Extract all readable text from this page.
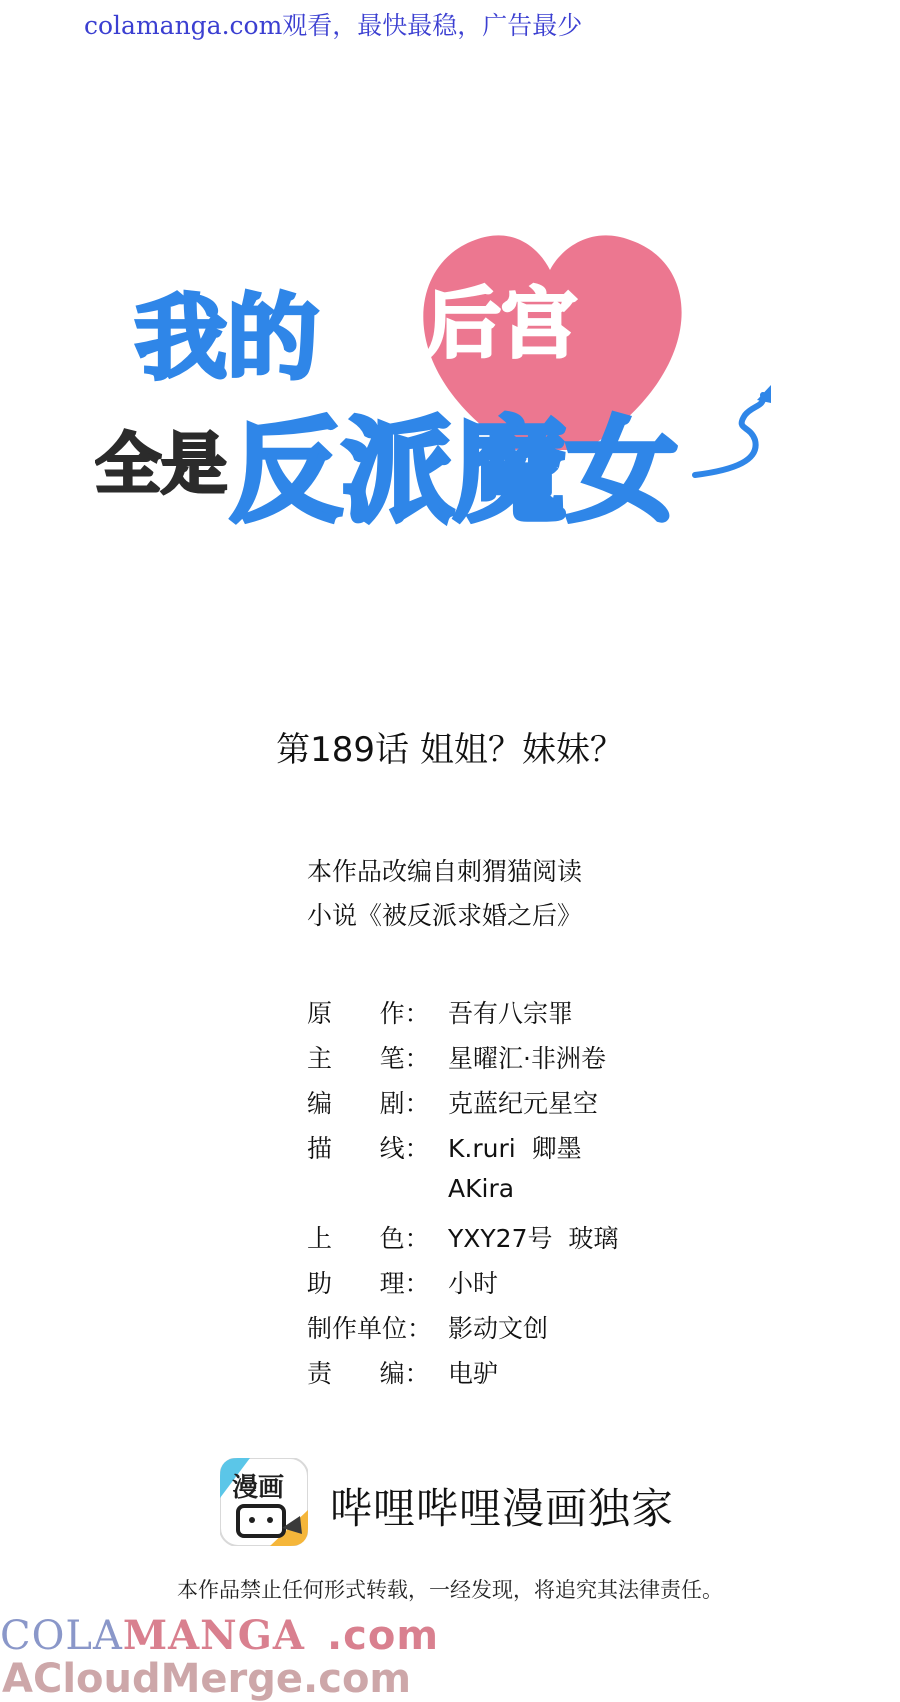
colamanga.com观看，最快最稳，广告最少
我的 后宫
全是 反派魔女
第189话 姐姐？妹妹？
本作品改编自刺猬猫阅读
小说《被反派求婚之后》
原      作： 吾有八宗罪
主      笔： 星曜汇·非洲卷
编      剧： 克蓝纪元星空
描      线： K.ruri  卿墨
AKira
上      色： YXY27号  玻璃
助      理： 小时
制作单位： 影动文创
责      编： 电驴
漫画 哔哩哔哩漫画独家
本作品禁止任何形式转载，一经发现，将追究其法律责任。
COLAMANGA .com
ACloudMerge.com
